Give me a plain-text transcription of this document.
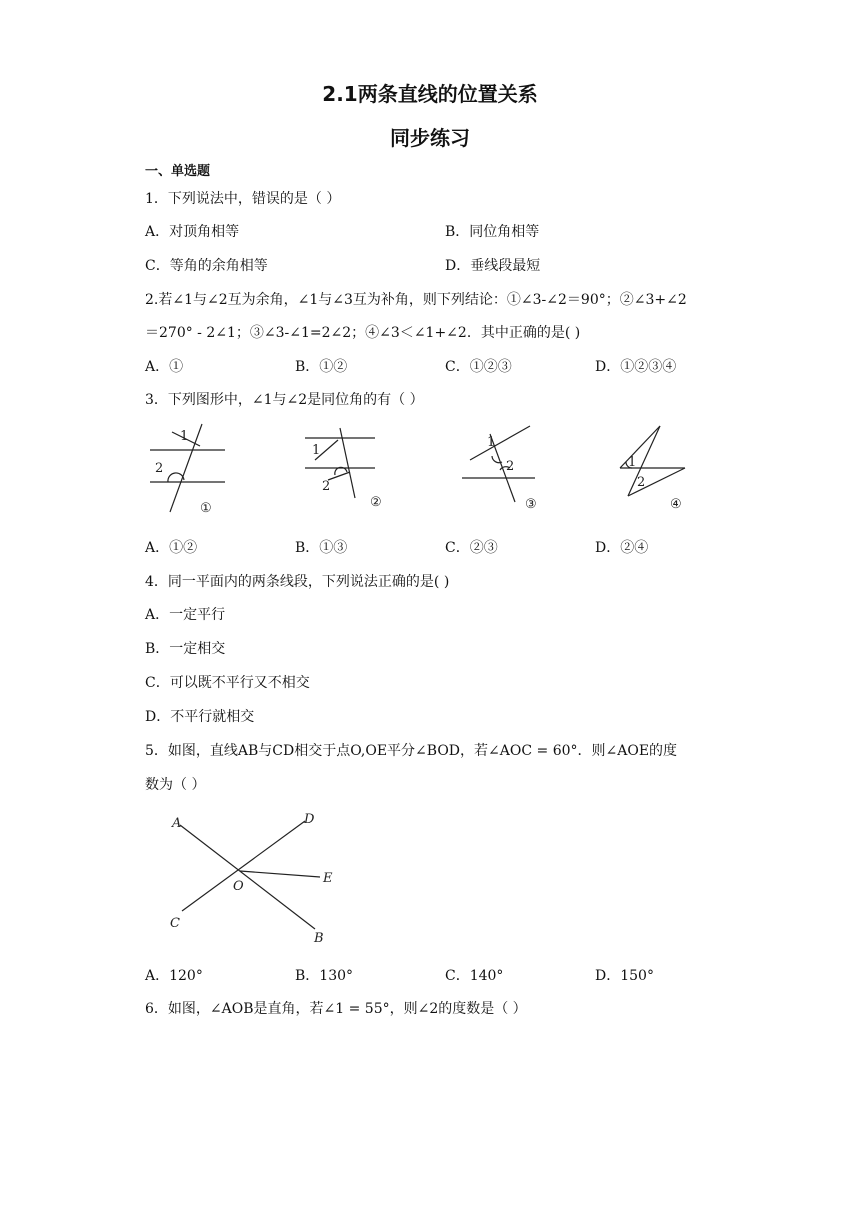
2.1两条直线的位置关系
同步练习
一、单选题
1．下列说法中，错误的是（ ）
A．对顶角相等	B．同位角相等
C．等角的余角相等	D．垂线段最短
2.若∠1与∠2互为余角，∠1与∠3互为补角，则下列结论：①∠3-∠2＝90°；②∠3+∠2
＝270° - 2∠1；③∠3-∠1=2∠2；④∠3＜∠1+∠2．其中正确的是( )
A．①	B．①②	C．①②③	D．①②③④
3．下列图形中，∠1与∠2是同位角的有（ ）
1
2
①
1
2
②
1
2
③
1
2
④
A．①②	B．①③	C．②③	D．②④
4．同一平面内的两条线段，下列说法正确的是( )
A．一定平行
B．一定相交
C．可以既不平行又不相交
D．不平行就相交
5．如图，直线AB与CD相交于点O,OE平分∠BOD，若∠AOC = 60°．则∠AOE的度
数为（ ）
A	D
E
O
C
B
A．120°	B．130°	C．140°	D．150°
6．如图，∠AOB是直角，若∠1 = 55°，则∠2的度数是（ ）
